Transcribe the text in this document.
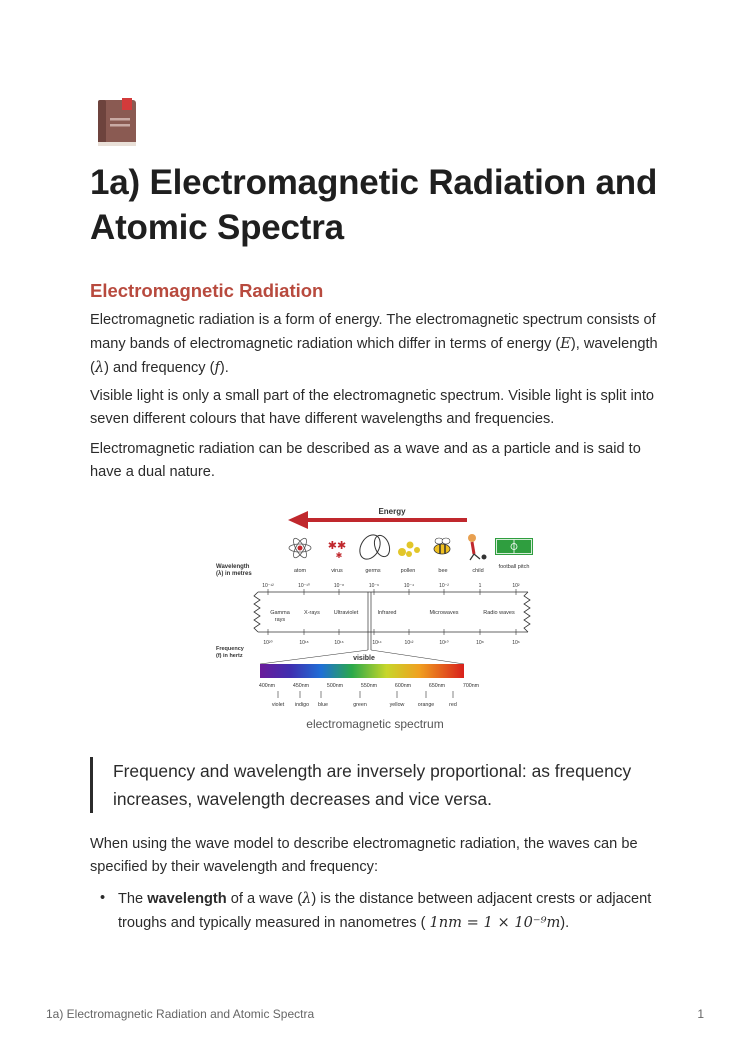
1a) Electromagnetic Radiation and Atomic Spectra
Electromagnetic Radiation

Electromagnetic radiation is a form of energy. The electromagnetic spectrum consists of many bands of electromagnetic radiation which differ in terms of energy (E), wavelength (λ) and frequency (f).

Visible light is only a small part of the electromagnetic spectrum. Visible light is split into seven different colours that have different wavelengths and frequencies.

Electromagnetic radiation can be described as a wave and as a particle and is said to have a dual nature.

Energy
Wavelength
(λ) in metres
Frequency
(f) in hertz
✱✱
✱
atom	virus	germs	pollen	bee	child
football pitch
10⁻¹²	10⁻¹⁰	10⁻⁸	10⁻⁶	10⁻⁴	10⁻²	1	10²
Gamma
rays
X-rays	Ultraviolet	Infrared	Microwaves	Radio waves
10²⁰	10¹⁸	10¹⁶	10¹⁴	10¹²	10¹⁰	10⁸	10⁶
visible
400nm	450nm	500nm	550nm	600nm	650nm	700nm
violet indigo blue	green	yellow	orange	red
electromagnetic spectrum
Frequency and wavelength are inversely proportional: as frequency increases, wavelength decreases and vice versa.

When using the wave model to describe electromagnetic radiation, the waves can be specified by their wavelength and frequency:

• The wavelength of a wave (λ) is the distance between adjacent crests or adjacent troughs and typically measured in nanometres ( 1nm = 1 × 10⁻⁹m).
1a) Electromagnetic Radiation and Atomic Spectra	1
